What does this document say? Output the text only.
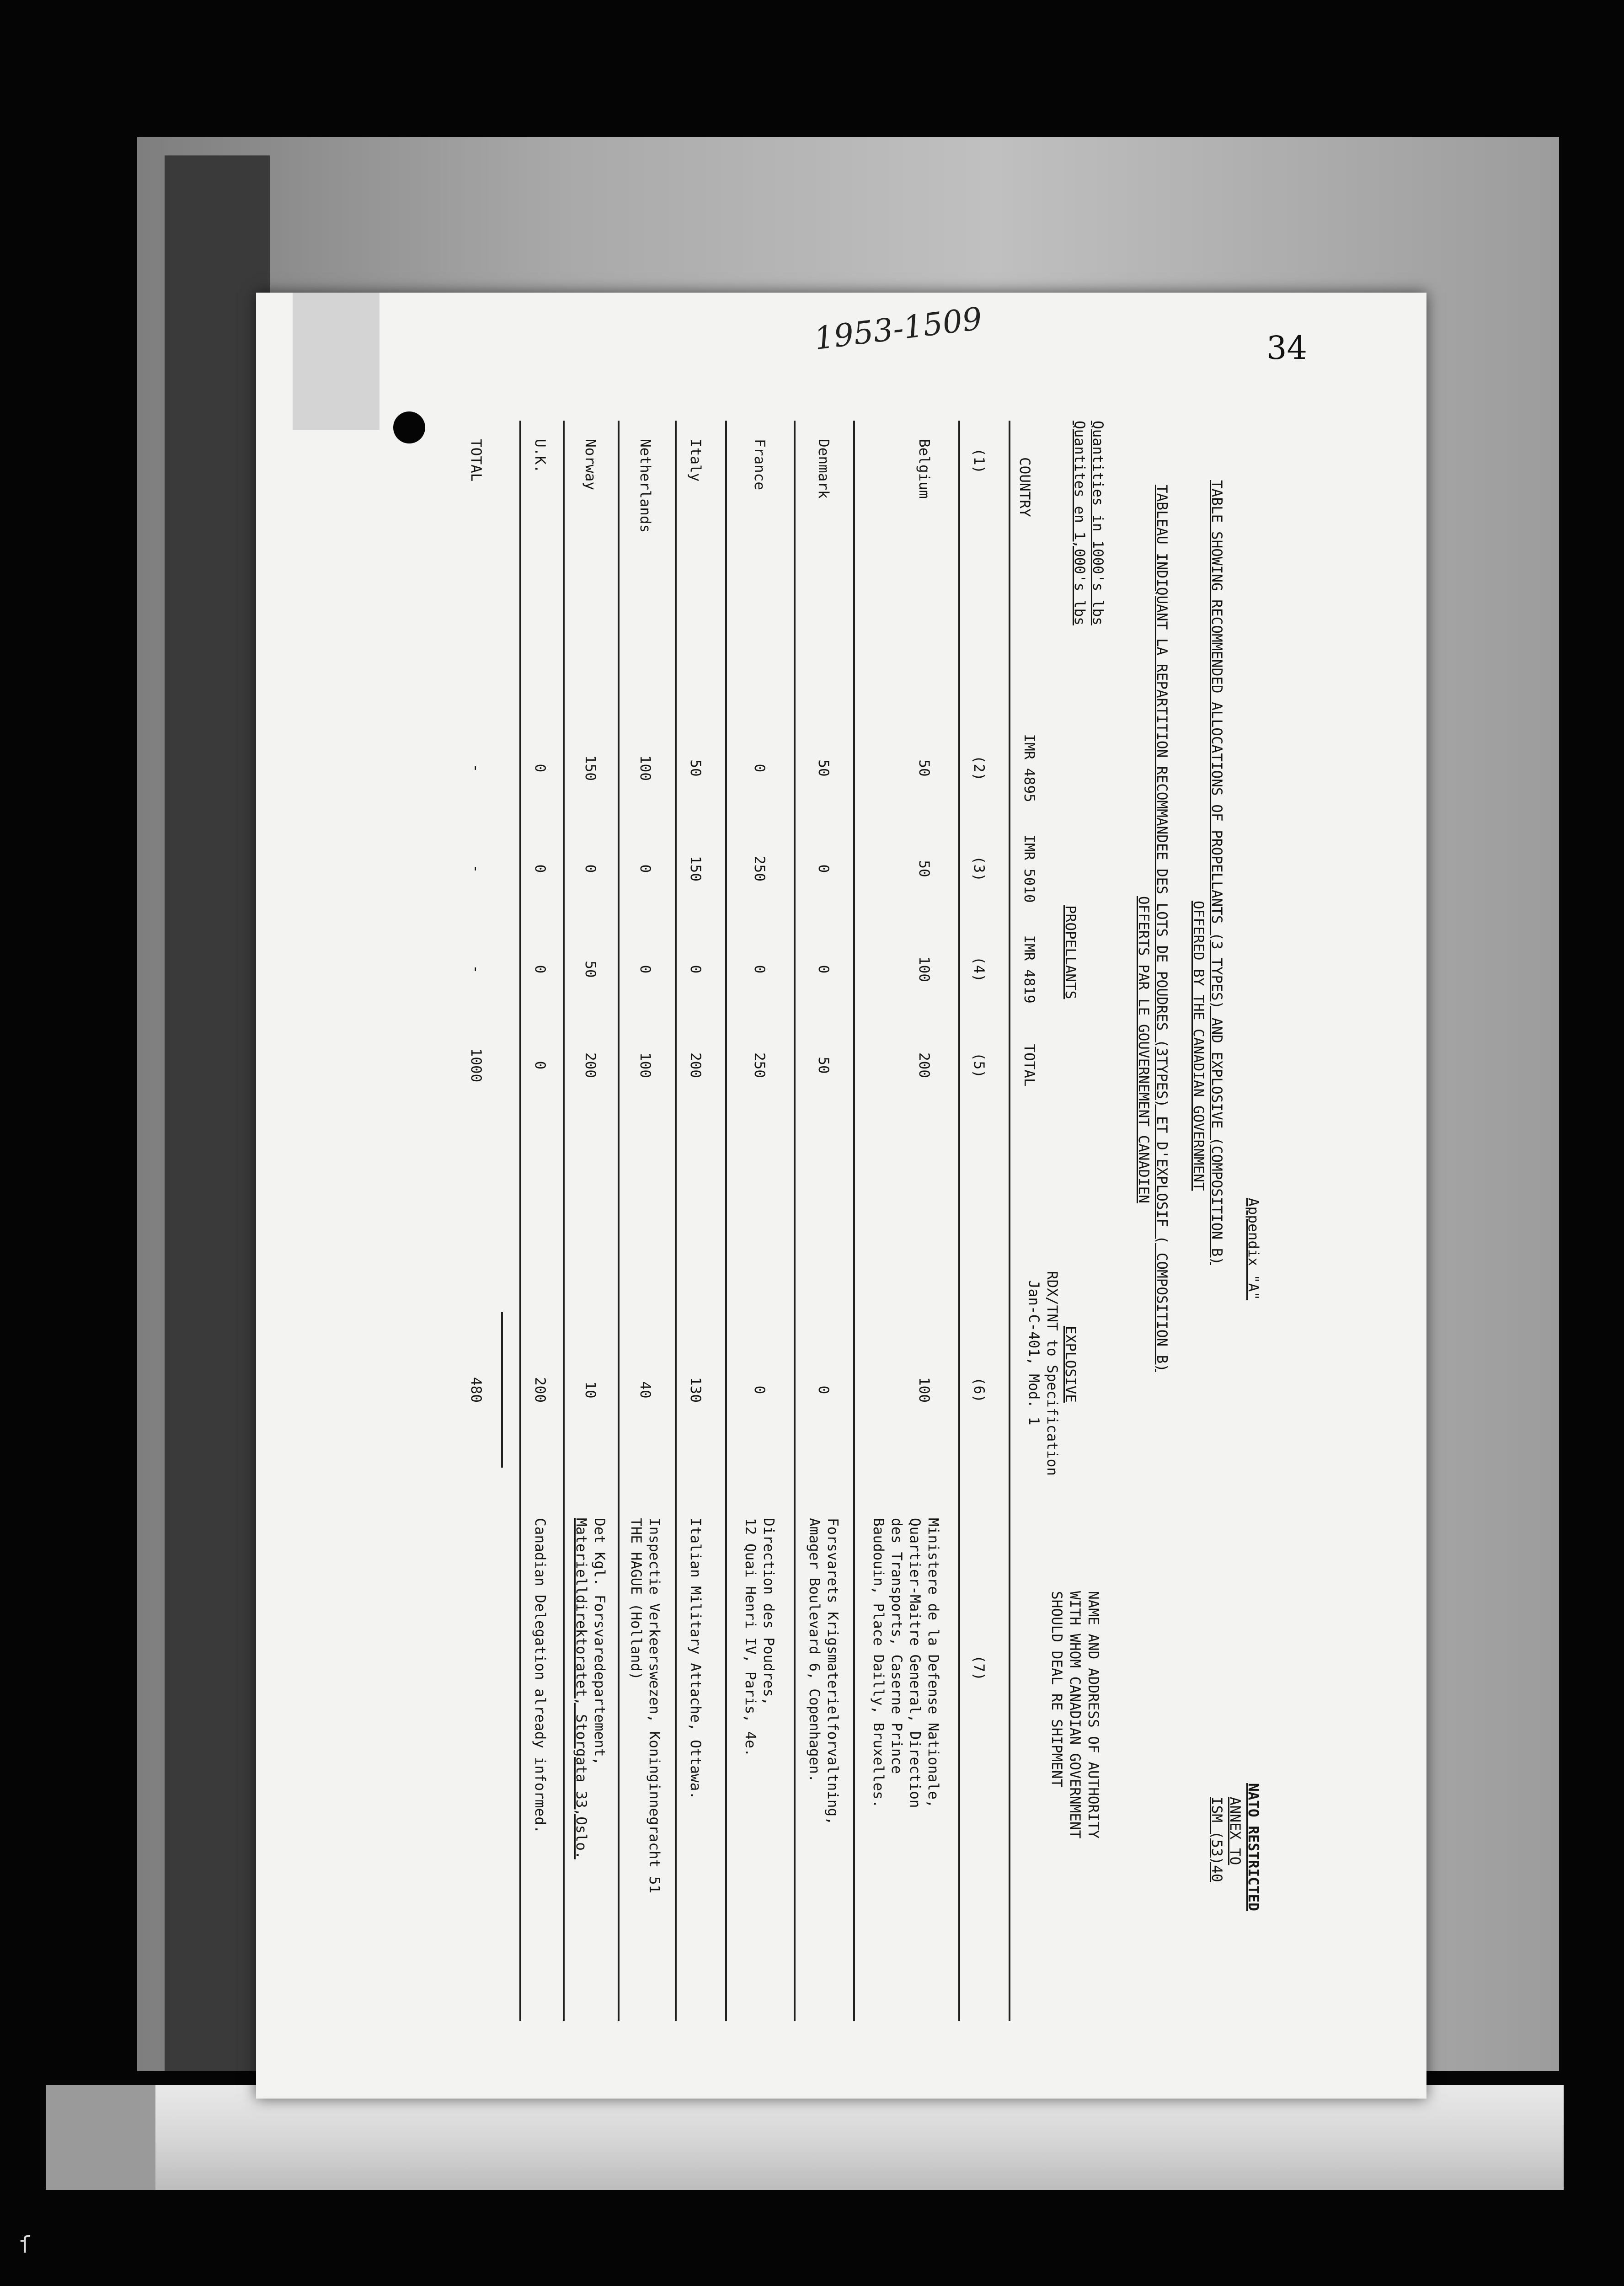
ſ
34
1953-1509
Appendix "A"
NATO RESTRICTED
ANNEX TO
ISM (53)40
TABLE SHOWING RECOMMENDED ALLOCATIONS OF PROPELLANTS (3 TYPES) AND EXPLOSIVE (COMPOSITION B)
OFFERED BY THE CANADIAN GOVERNMENT
TABLEAU INDIQUANT LA REPARTITION RECOMMANDEE DES LOTS DE POUDRES (3TYPES) ET D'EXPLOSIF ( COMPOSITION B)
OFFERTS PAR LE GOUVERNEMENT CANADIEN
Quantities in 1000's lbs
Quantites en 1,000's lbs
PROPELLANTS
EXPLOSIVE
RDX/TNT to Specification
Jan-C-401, Mod. 1
NAME AND ADDRESS OF AUTHORITY
WITH WHOM CANADIAN GOVERNMENT
SHOULD DEAL RE SHIPMENT
COUNTRY
IMR 4895
IMR 5010
IMR 4819
TOTAL
(1)
(2)
(3)
(4)
(5)
(6)
(7)
Belgium
50
50
100
200
100
Ministere de la Defense Nationale,
Quartier-Maitre General, Direction
des Transports, Caserne Prince
Baudouin, Place Dailly, Bruxelles.
Denmark
50
0
0
50
0
Forsvarets Krigsmaterielforvaltning,
Amager Boulevard 6, Copenhagen.
France
0
250
0
250
0
Direction des Poudres,
12 Quai Henri IV, Paris, 4e.
Italy
50
150
0
200
130
Italian Military Attache, Ottawa.
Netherlands
100
0
0
100
40
Inspectie Verkeerswezen, Koninginnegracht 51
THE HAGUE (Holland)
Norway
150
0
50
200
10
Det Kgl. Forsvaredepartement,
Materielldirektoratet, Storgata 33,Oslo.
U.K.
0
0
0
0
200
Canadian Delegation already informed.
TOTAL
-
-
-
1000
480
